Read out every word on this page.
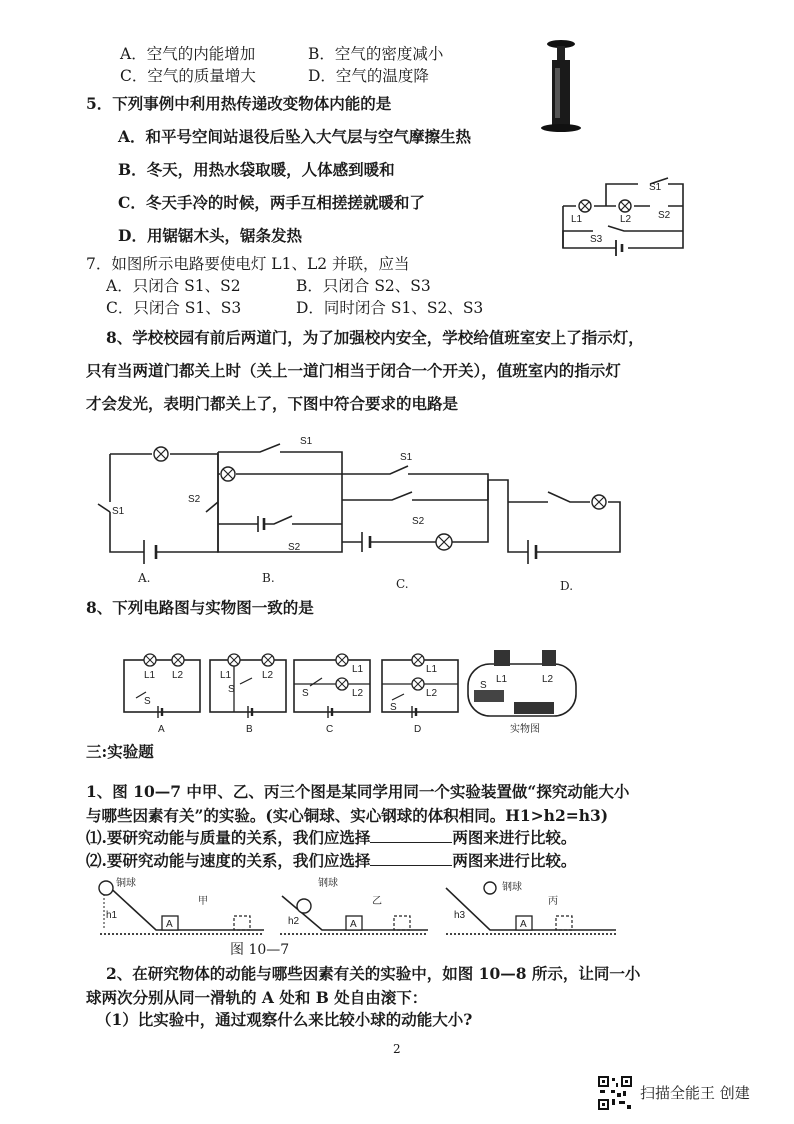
A．空气的内能增加	B．空气的密度减小
C．空气的质量增大	D．空气的温度降
5．下列事例中利用热传递改变物体内能的是
A．和平号空间站退役后坠入大气层与空气摩擦生热
B．冬天，用热水袋取暖，人体感到暖和
C．冬天手冷的时候，两手互相搓搓就暖和了
D．用锯锯木头，锯条发热
S1
S2
S3
L1	L2
7．如图所示电路要使电灯 L1、L2 并联，应当
A．只闭合 S1、S2	B．只闭合 S2、S3
C．只闭合 S1、S3	D．同时闭合 S1、S2、S3
8、学校校园有前后两道门，为了加强校内安全，学校给值班室安上了指示灯，
只有当两道门都关上时（关上一道门相当于闭合一个开关），值班室内的指示灯
才会发光，表明门都关上了，下图中符合要求的电路是
S1
S2
A.
S1
S2
B.
S1
S2
C.	D.
8、下列电路图与实物图一致的是
L1 L2
S
A
L1	L2
S
B
L1
L2
S
C
L1
L2
S
D
L1	L2
S
实物图
三:实验题
1、图 10—7 中甲、乙、丙三个图是某同学用同一个实验装置做“探究动能大小
与哪些因素有关”的实验。(实心铜球、实心钢球的体积相同。H1>h2=h3)
⑴.要研究动能与质量的关系，我们应选择	两图来进行比较。
⑵.要研究动能与速度的关系，我们应选择	两图来进行比较。
铜球
甲
h1
A
钢球
乙
h2	A
钢球
丙
h3
A
图 10—7
2、在研究物体的动能与哪些因素有关的实验中，如图 10—8 所示，让同一小
球两次分别从同一滑轨的 A 处和 B 处自由滚下：
（1）比实验中，通过观察什么来比较小球的动能大小?
2
扫描全能王 创建
